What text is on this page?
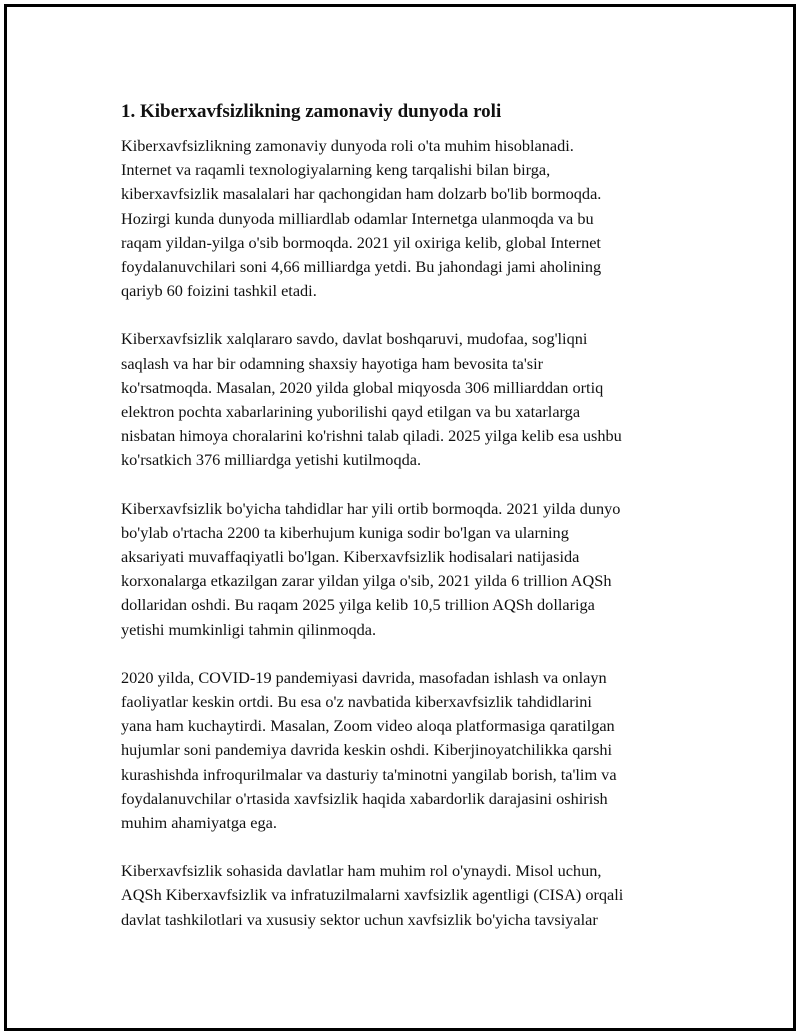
1. Kiberxavfsizlikning zamonaviy dunyoda roli
Kiberxavfsizlikning zamonaviy dunyoda roli o'ta muhim hisoblanadi.
Internet va raqamli texnologiyalarning keng tarqalishi bilan birga,
kiberxavfsizlik masalalari har qachongidan ham dolzarb bo'lib bormoqda.
Hozirgi kunda dunyoda milliardlab odamlar Internetga ulanmoqda va bu
raqam yildan-yilga o'sib bormoqda. 2021 yil oxiriga kelib, global Internet
foydalanuvchilari soni 4,66 milliardga yetdi. Bu jahondagi jami aholining
qariyb 60 foizini tashkil etadi.
Kiberxavfsizlik xalqlararo savdo, davlat boshqaruvi, mudofaa, sog'liqni
saqlash va har bir odamning shaxsiy hayotiga ham bevosita ta'sir
ko'rsatmoqda. Masalan, 2020 yilda global miqyosda 306 milliarddan ortiq
elektron pochta xabarlarining yuborilishi qayd etilgan va bu xatarlarga
nisbatan himoya choralarini ko'rishni talab qiladi. 2025 yilga kelib esa ushbu
ko'rsatkich 376 milliardga yetishi kutilmoqda.
Kiberxavfsizlik bo'yicha tahdidlar har yili ortib bormoqda. 2021 yilda dunyo
bo'ylab o'rtacha 2200 ta kiberhujum kuniga sodir bo'lgan va ularning
aksariyati muvaffaqiyatli bo'lgan. Kiberxavfsizlik hodisalari natijasida
korxonalarga etkazilgan zarar yildan yilga o'sib, 2021 yilda 6 trillion AQSh
dollaridan oshdi. Bu raqam 2025 yilga kelib 10,5 trillion AQSh dollariga
yetishi mumkinligi tahmin qilinmoqda.
2020 yilda, COVID-19 pandemiyasi davrida, masofadan ishlash va onlayn
faoliyatlar keskin ortdi. Bu esa o'z navbatida kiberxavfsizlik tahdidlarini
yana ham kuchaytirdi. Masalan, Zoom video aloqa platformasiga qaratilgan
hujumlar soni pandemiya davrida keskin oshdi. Kiberjinoyatchilikka qarshi
kurashishda infroqurilmalar va dasturiy ta'minotni yangilab borish, ta'lim va
foydalanuvchilar o'rtasida xavfsizlik haqida xabardorlik darajasini oshirish
muhim ahamiyatga ega.
Kiberxavfsizlik sohasida davlatlar ham muhim rol o'ynaydi. Misol uchun,
AQSh Kiberxavfsizlik va infratuzilmalarni xavfsizlik agentligi (CISA) orqali
davlat tashkilotlari va xususiy sektor uchun xavfsizlik bo'yicha tavsiyalar
